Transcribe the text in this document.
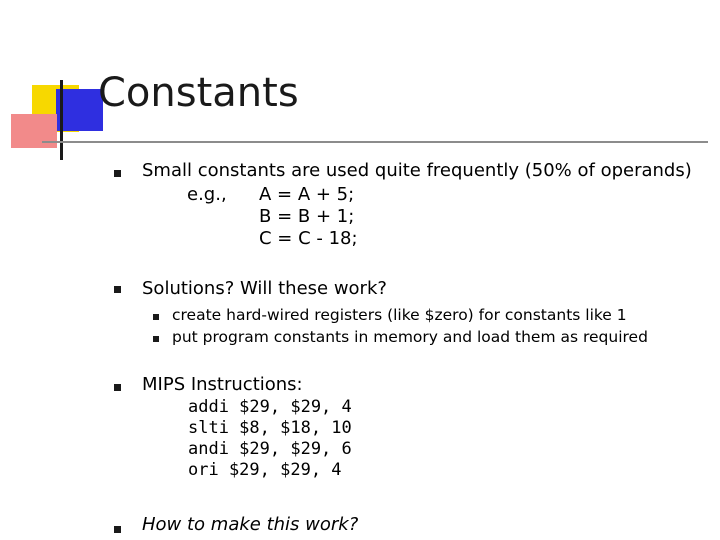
Constants
Small constants are used quite frequently (50% of operands)
e.g., A = A + 5;
B = B + 1;
C = C - 18;
Solutions? Will these work?
create hard-wired registers (like $zero) for constants like 1
put program constants in memory and load them as required
MIPS Instructions:
addi $29, $29, 4
slti $8, $18, 10
andi $29, $29, 6
ori $29, $29, 4
How to make this work?
